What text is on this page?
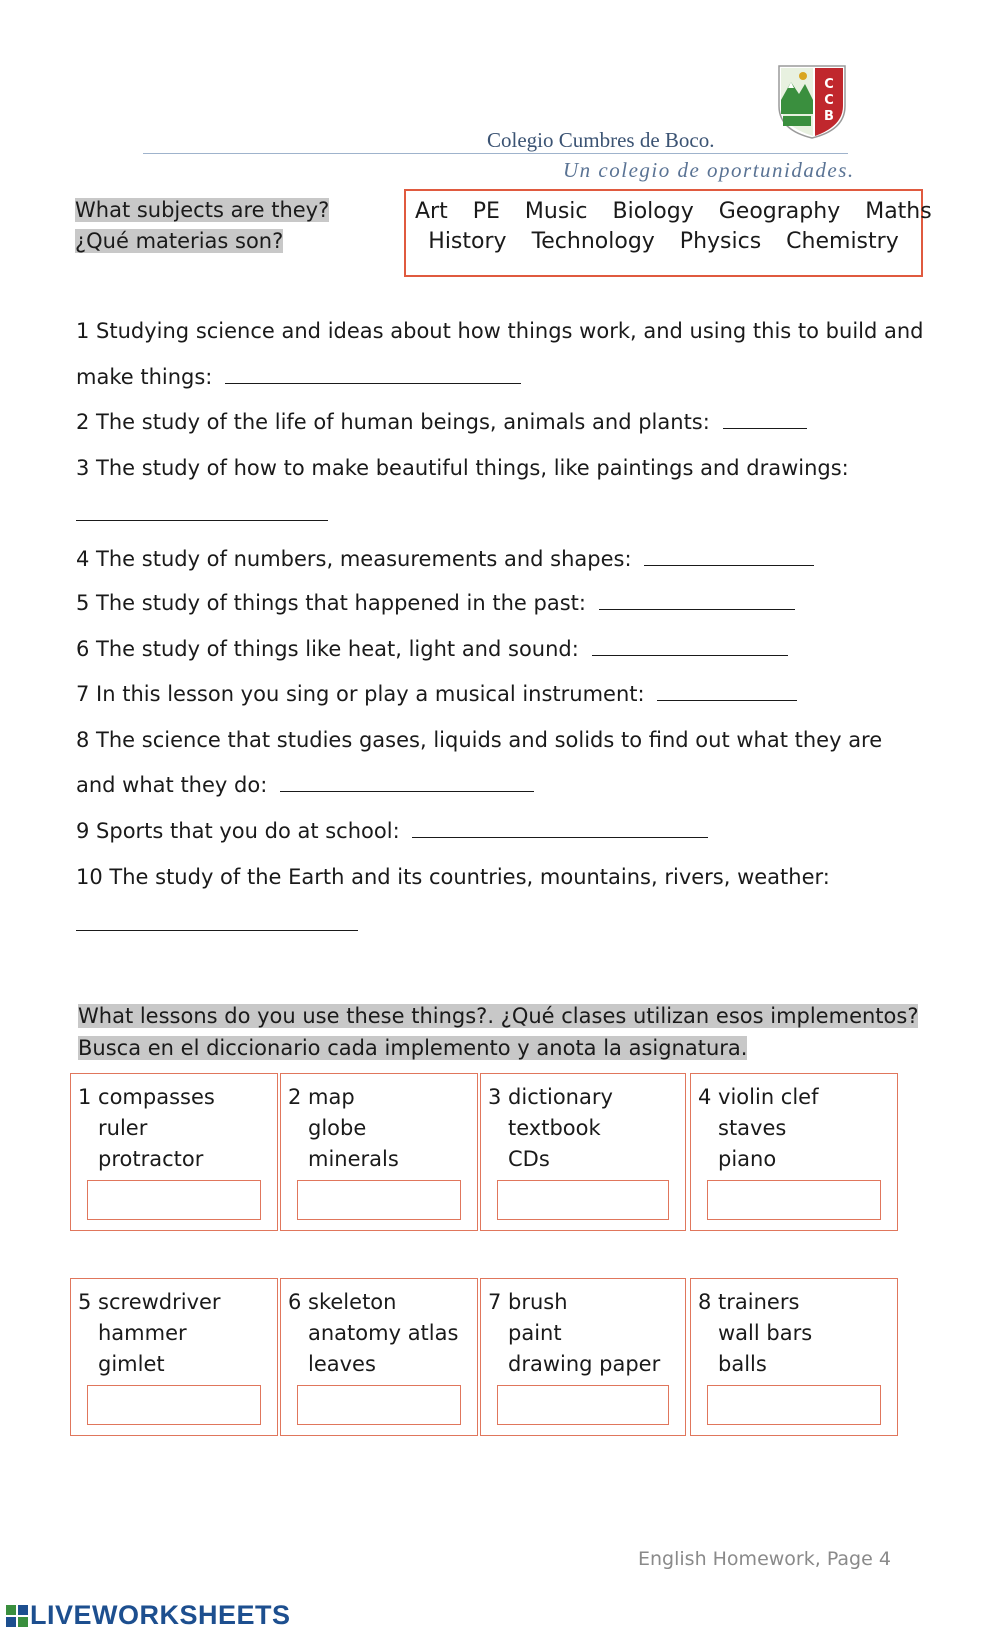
C
C
B
Colegio Cumbres de Boco.
Un colegio de oportunidades.
What subjects are they?
¿Qué materias son?
Art PE Music Biology Geography Maths
History Technology Physics Chemistry
1 Studying science and ideas about how things work, and using this to build and
make things:
2 The study of the life of human beings, animals and plants:
3 The study of how to make beautiful things, like paintings and drawings:
4 The study of numbers, measurements and shapes:
5 The study of things that happened in the past:
6 The study of things like heat, light and sound:
7 In this lesson you sing or play a musical instrument:
8 The science that studies gases, liquids and solids to find out what they are
and what they do:
9 Sports that you do at school:
10 The study of the Earth and its countries, mountains, rivers, weather:
What lessons do you use these things?. ¿Qué clases utilizan esos implementos?
Busca en el diccionario cada implemento y anota la asignatura.
1 compasses
ruler
protractor
2 map
globe
minerals
3 dictionary
textbook
CDs
4 violin clef
staves
piano
5 screwdriver
hammer
gimlet
6 skeleton
anatomy atlas
leaves
7 brush
paint
drawing paper
8 trainers
wall bars
balls
English Homework, Page 4
LIVEWORKSHEETS
